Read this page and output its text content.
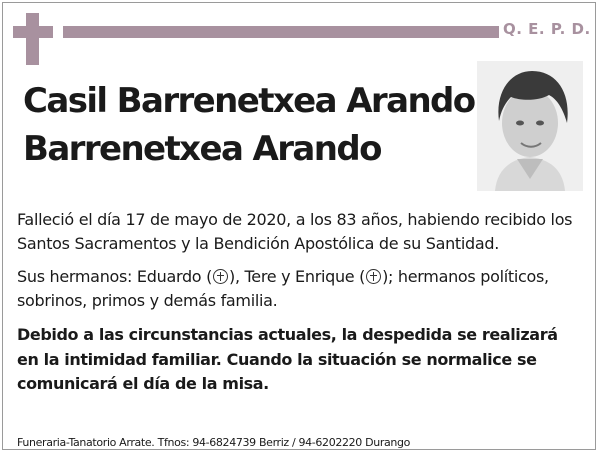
Q. E. P. D.
Casil Barrenetxea Arando
Barrenetxea Arando

Falleció el día 17 de mayo de 2020, a los 83 años, habiendo recibido los Santos Sacramentos y la Bendición Apostólica de su Santidad.

Sus hermanos: Eduardo ( ), Tere y Enrique ( ); hermanos políticos, sobrinos, primos y demás familia.

Debido a las circunstancias actuales, la despedida se realizará en la intimidad familiar. Cuando la situación se normalice se comunicará el día de la misa.

Funeraria-Tanatorio Arrate. Tfnos: 94-6824739 Berriz / 94-6202220 Durango
